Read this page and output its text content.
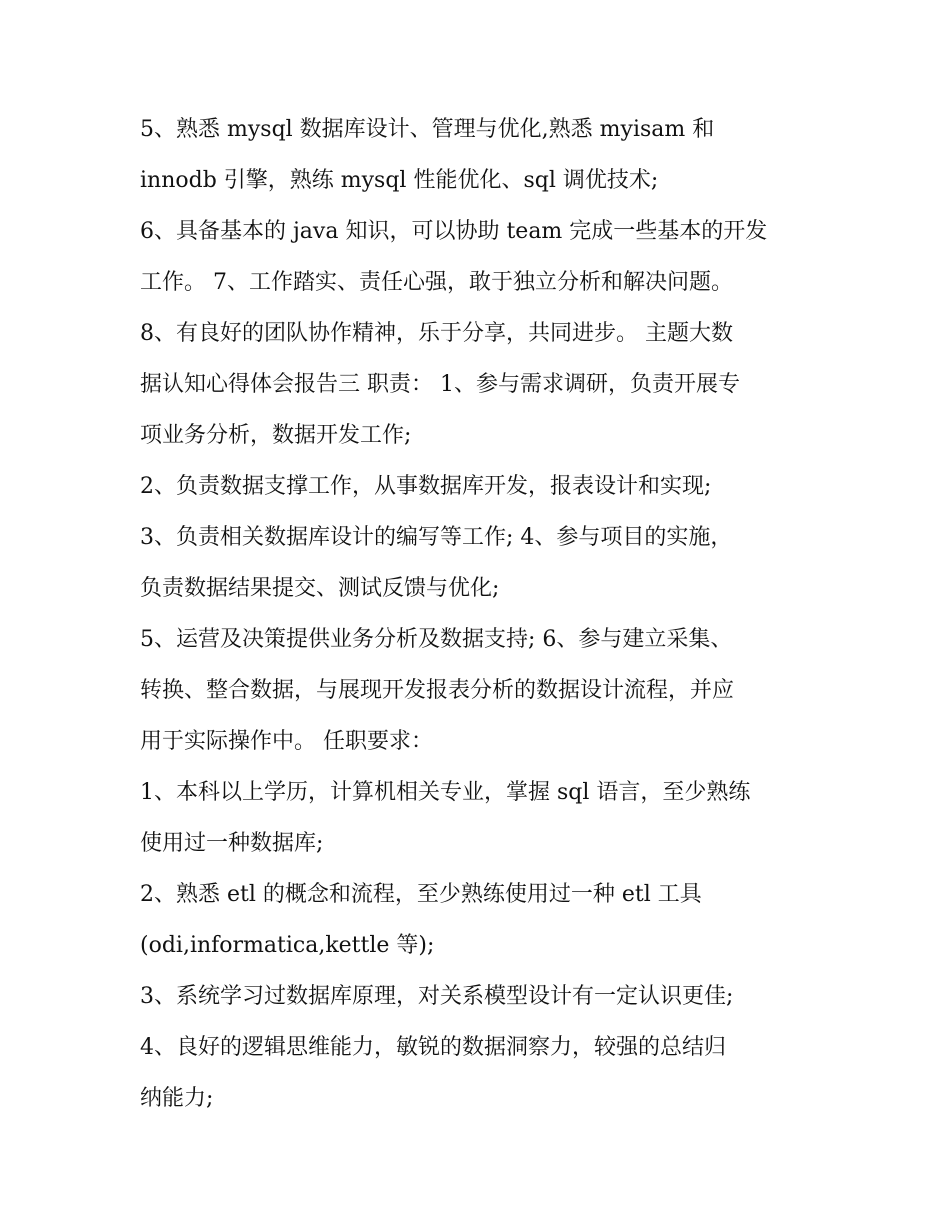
5、熟悉 mysql 数据库设计、管理与优化,熟悉 myisam 和
innodb 引擎，熟练 mysql 性能优化、sql 调优技术;
6、具备基本的 java 知识，可以协助 team 完成一些基本的开发
工作。 7、工作踏实、责任心强，敢于独立分析和解决问题。
8、有良好的团队协作精神，乐于分享，共同进步。 主题大数
据认知心得体会报告三 职责： 1、参与需求调研，负责开展专
项业务分析，数据开发工作;
2、负责数据支撑工作，从事数据库开发，报表设计和实现;
3、负责相关数据库设计的编写等工作; 4、参与项目的实施，
负责数据结果提交、测试反馈与优化;
5、运营及决策提供业务分析及数据支持; 6、参与建立采集、
转换、整合数据，与展现开发报表分析的数据设计流程，并应
用于实际操作中。 任职要求：
1、本科以上学历，计算机相关专业，掌握 sql 语言，至少熟练
使用过一种数据库;
2、熟悉 etl 的概念和流程，至少熟练使用过一种 etl 工具
(odi,informatica,kettle 等);
3、系统学习过数据库原理，对关系模型设计有一定认识更佳;
4、良好的逻辑思维能力，敏锐的数据洞察力，较强的总结归
纳能力;
